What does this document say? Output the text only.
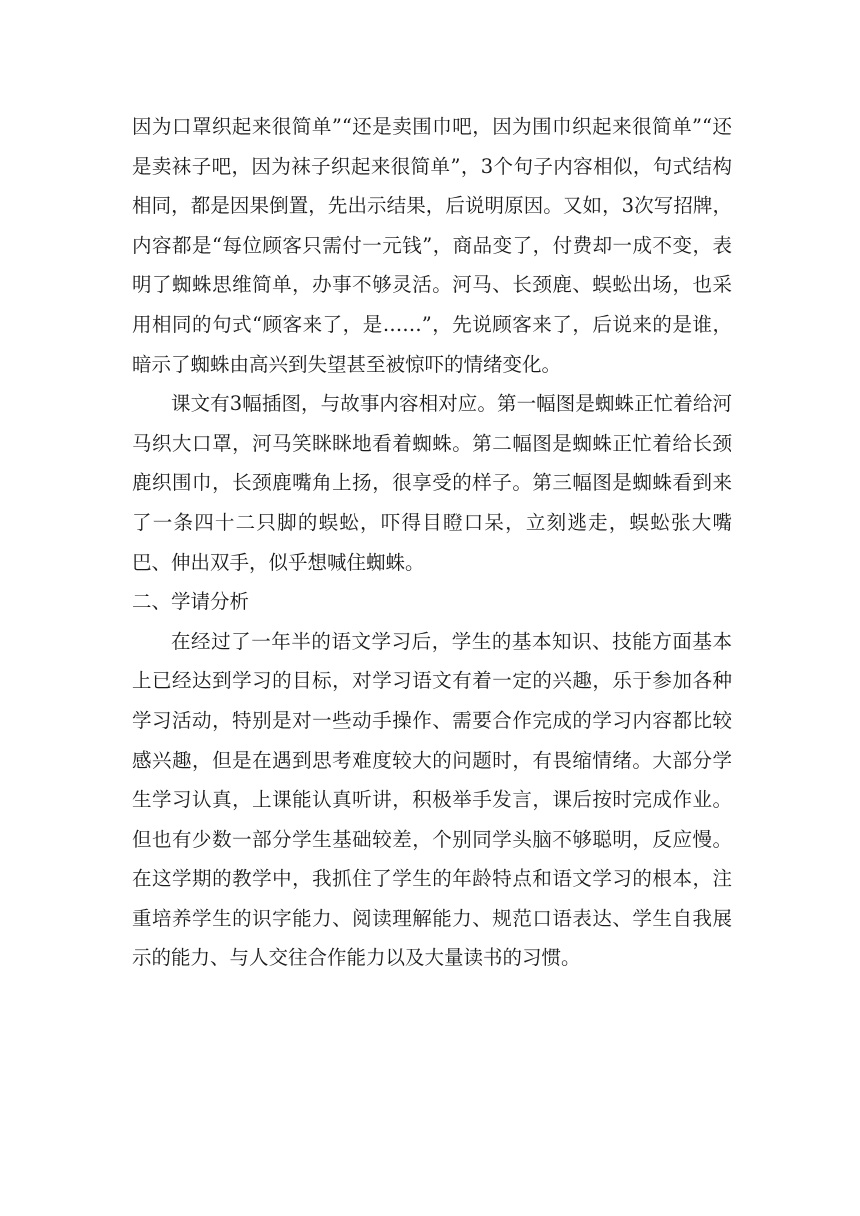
因为口罩织起来很简单”“还是卖围巾吧，因为围巾织起来很简单”“还是卖袜子吧，因为袜子织起来很简单”，3个句子内容相似，句式结构相同，都是因果倒置，先出示结果，后说明原因。又如，3次写招牌，内容都是“每位顾客只需付一元钱”，商品变了，付费却一成不变，表明了蜘蛛思维简单，办事不够灵活。河马、长颈鹿、蜈蚣出场，也采用相同的句式“顾客来了，是……”，先说顾客来了，后说来的是谁，暗示了蜘蛛由高兴到失望甚至被惊吓的情绪变化。

课文有3幅插图，与故事内容相对应。第一幅图是蜘蛛正忙着给河马织大口罩，河马笑眯眯地看着蜘蛛。第二幅图是蜘蛛正忙着给长颈鹿织围巾，长颈鹿嘴角上扬，很享受的样子。第三幅图是蜘蛛看到来了一条四十二只脚的蜈蚣，吓得目瞪口呆，立刻逃走，蜈蚣张大嘴巴、伸出双手，似乎想喊住蜘蛛。

二、学请分析

在经过了一年半的语文学习后，学生的基本知识、技能方面基本上已经达到学习的目标，对学习语文有着一定的兴趣，乐于参加各种学习活动，特别是对一些动手操作、需要合作完成的学习内容都比较感兴趣，但是在遇到思考难度较大的问题时，有畏缩情绪。大部分学生学习认真，上课能认真听讲，积极举手发言，课后按时完成作业。但也有少数一部分学生基础较差，个别同学头脑不够聪明，反应慢。在这学期的教学中，我抓住了学生的年龄特点和语文学习的根本，注重培养学生的识字能力、阅读理解能力、规范口语表达、学生自我展示的能力、与人交往合作能力以及大量读书的习惯。
